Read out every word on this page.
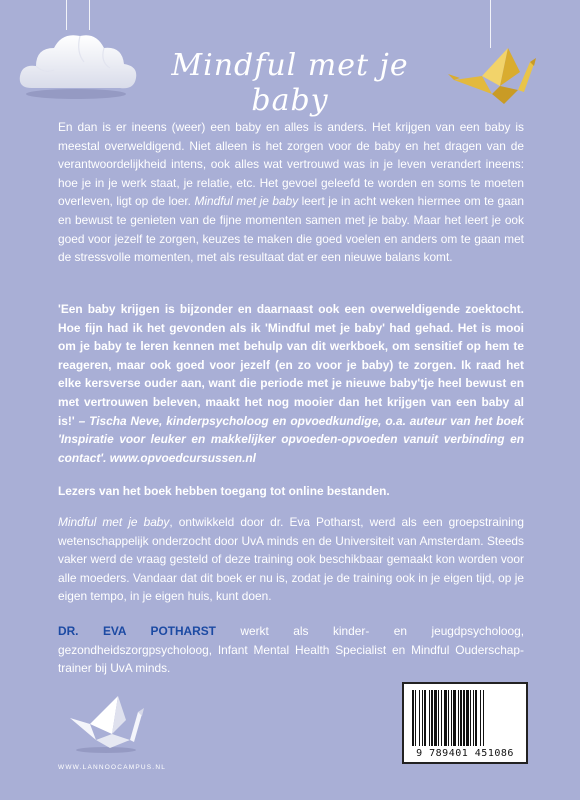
Mindful met je baby

En dan is er ineens (weer) een baby en alles is anders. Het krijgen van een baby is meestal overweldigend. Niet alleen is het zorgen voor de baby en het dragen van de verantwoordelijkheid intens, ook alles wat vertrouwd was in je leven verandert ineens: hoe je in je werk staat, je relatie, etc. Het gevoel geleefd te worden en soms te moeten overleven, ligt op de loer. Mindful met je baby leert je in acht weken hiermee om te gaan en bewust te genieten van de fijne momenten samen met je baby. Maar het leert je ook goed voor jezelf te zorgen, keuzes te maken die goed voelen en anders om te gaan met de stressvolle momenten, met als resultaat dat er een nieuwe balans komt.

'Een baby krijgen is bijzonder en daarnaast ook een overweldigende zoektocht. Hoe fijn had ik het gevonden als ik 'Mindful met je baby' had gehad. Het is mooi om je baby te leren kennen met behulp van dit werkboek, om sensitief op hem te reageren, maar ook goed voor jezelf (en zo voor je baby) te zorgen. Ik raad het elke kersverse ouder aan, want die periode met je nieuwe baby'tje heel bewust en met vertrouwen beleven, maakt het nog mooier dan het krijgen van een baby al is!' – Tischa Neve, kinderpsycholoog en opvoedkundige, o.a. auteur van het boek 'Inspiratie voor leuker en makkelijker opvoeden-opvoeden vanuit verbinding en contact'. www.opvoedcursussen.nl

Lezers van het boek hebben toegang tot online bestanden.

Mindful met je baby, ontwikkeld door dr. Eva Potharst, werd als een groepstraining wetenschappelijk onderzocht door UvA minds en de Universiteit van Amsterdam. Steeds vaker werd de vraag gesteld of deze training ook beschikbaar gemaakt kon worden voor alle moeders. Vandaar dat dit boek er nu is, zodat je de training ook in je eigen tijd, op je eigen tempo, in je eigen huis, kunt doen.

DR. EVA POTHARST werkt als kinder- en jeugdpsycholoog, gezondheidszorgpsycholoog, Infant Mental Health Specialist en Mindful Ouderschap-trainer bij UvA minds.

WWW.LANNOOCAMPUS.NL
9 789401 451086
